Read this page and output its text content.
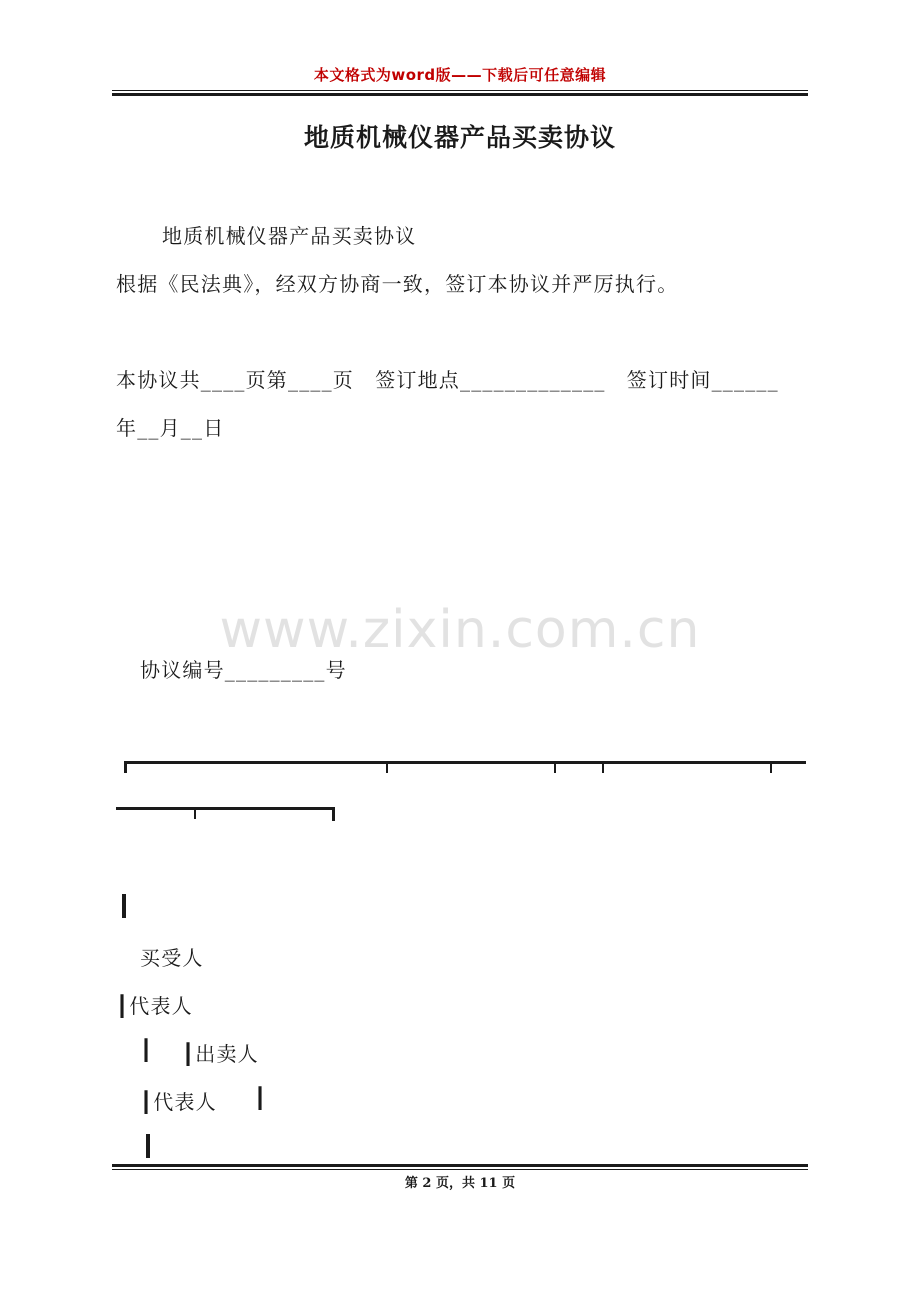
本文格式为word版——下载后可任意编辑
地质机械仪器产品买卖协议
地质机械仪器产品买卖协议
根据《民法典》，经双方协商一致，签订本协议并严厉执行。
本协议共____页第____页　签订地点_____________　签订时间______
年__月__日
www.zixin.com.cn
协议编号_________号
买受人
┃代表人
┃ ┃出卖人
┃代表人 ┃
第 2 页，共 11 页
